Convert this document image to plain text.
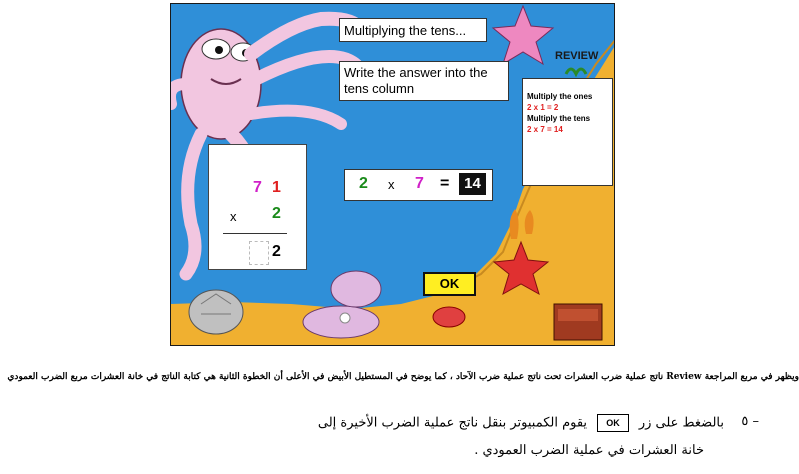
Multiplying the tens...
Write the answer into the tens column
REVIEW
Multiply the ones
2 x 1 = 2
Multiply the tens
2 x 7 = 14
7 1
x 2
2
2 x 7 = 14
OK
ويظهر في مربع المراجعة Review ناتج عملية ضرب العشرات تحت ناتج عملية ضرب الآحاد ، كما يوضح في المستطيل الأبيض في الأعلى أن الخطوة الثانية هي كتابة الناتج في خانة العشرات مربع الضرب العمودي
٥ –
بالضغط على زر OK يقوم الكمبيوتر بنقل ناتج عملية الضرب الأخيرة إلى
خانة العشرات في عملية الضرب العمودي .
